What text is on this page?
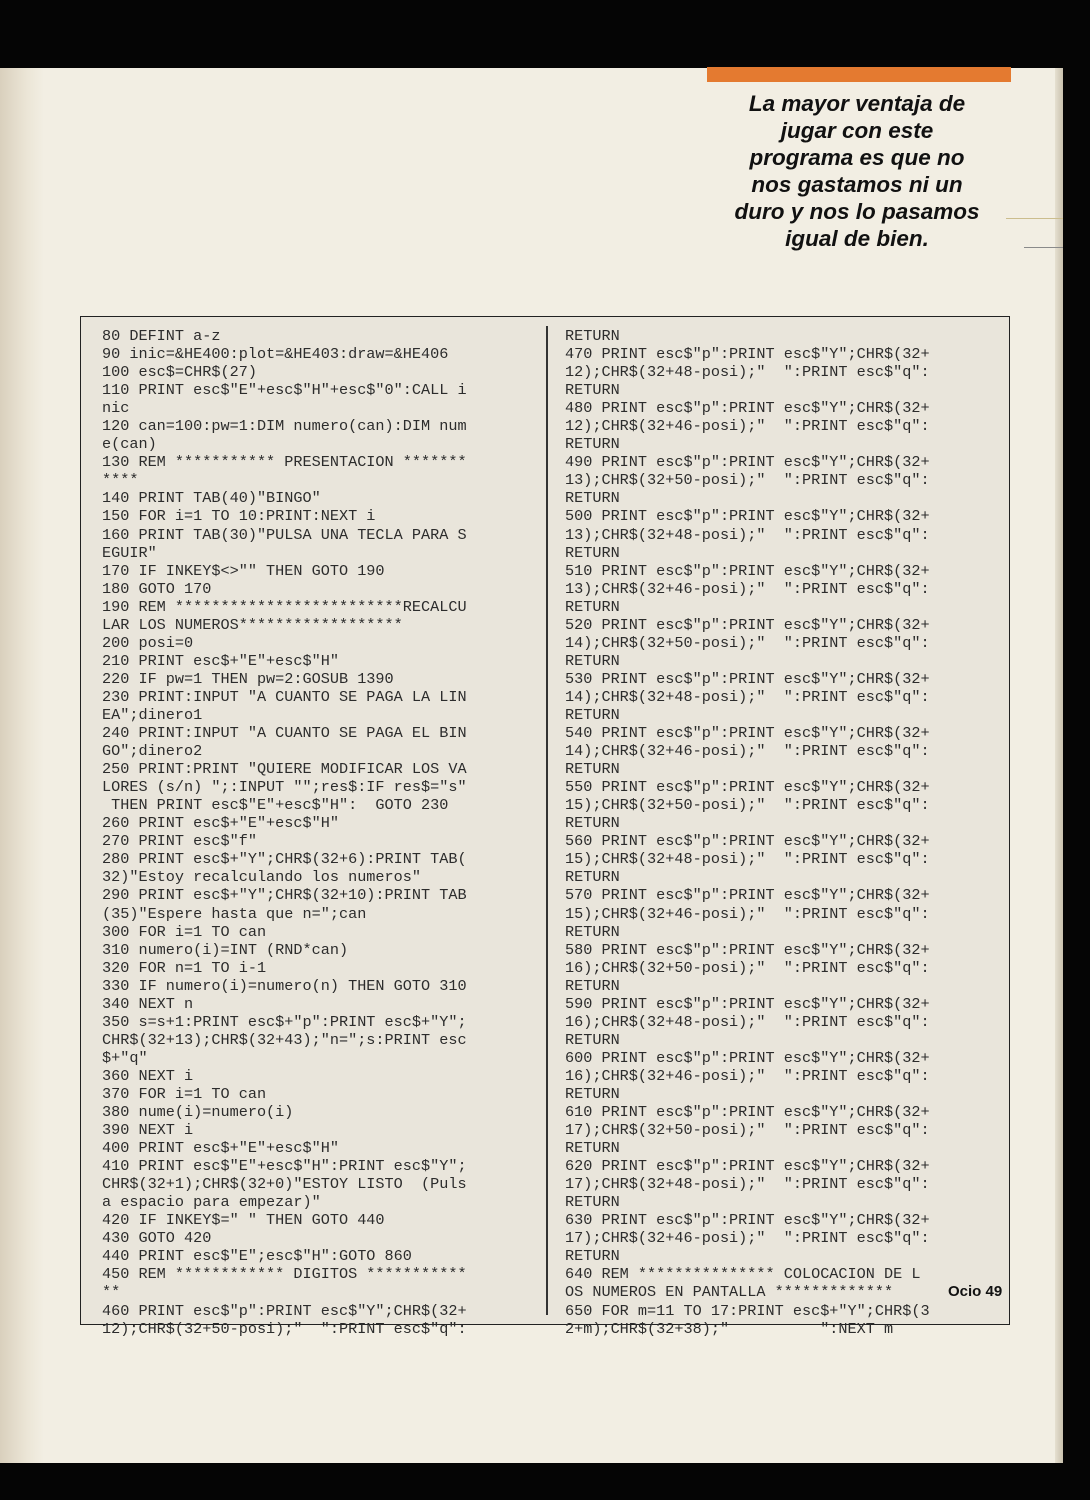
La mayor ventaja de
jugar con este
programa es que no
nos gastamos ni un
duro y nos lo pasamos
igual de bien.
80 DEFINT a-z
90 inic=&HE400:plot=&HE403:draw=&HE406
100 esc$=CHR$(27)
110 PRINT esc$"E"+esc$"H"+esc$"0":CALL i
nic
120 can=100:pw=1:DIM numero(can):DIM num
e(can)
130 REM *********** PRESENTACION *******
****
140 PRINT TAB(40)"BINGO"
150 FOR i=1 TO 10:PRINT:NEXT i
160 PRINT TAB(30)"PULSA UNA TECLA PARA S
EGUIR"
170 IF INKEY$<>"" THEN GOTO 190
180 GOTO 170
190 REM *************************RECALCU
LAR LOS NUMEROS******************
200 posi=0
210 PRINT esc$+"E"+esc$"H"
220 IF pw=1 THEN pw=2:GOSUB 1390
230 PRINT:INPUT "A CUANTO SE PAGA LA LIN
EA";dinero1
240 PRINT:INPUT "A CUANTO SE PAGA EL BIN
GO";dinero2
250 PRINT:PRINT "QUIERE MODIFICAR LOS VA
LORES (s/n) ";:INPUT "";res$:IF res$="s"
THEN PRINT esc$"E"+esc$"H":  GOTO 230
260 PRINT esc$+"E"+esc$"H"
270 PRINT esc$"f"
280 PRINT esc$+"Y";CHR$(32+6):PRINT TAB(
32)"Estoy recalculando los numeros"
290 PRINT esc$+"Y";CHR$(32+10):PRINT TAB
(35)"Espere hasta que n=";can
300 FOR i=1 TO can
310 numero(i)=INT (RND*can)
320 FOR n=1 TO i-1
330 IF numero(i)=numero(n) THEN GOTO 310
340 NEXT n
350 s=s+1:PRINT esc$+"p":PRINT esc$+"Y";
CHR$(32+13);CHR$(32+43);"n=";s:PRINT esc
$+"q"
360 NEXT i
370 FOR i=1 TO can
380 nume(i)=numero(i)
390 NEXT i
400 PRINT esc$+"E"+esc$"H"
410 PRINT esc$"E"+esc$"H":PRINT esc$"Y";
CHR$(32+1);CHR$(32+0)"ESTOY LISTO  (Puls
a espacio para empezar)"
420 IF INKEY$=" " THEN GOTO 440
430 GOTO 420
440 PRINT esc$"E";esc$"H":GOTO 860
450 REM ************ DIGITOS ***********
**
460 PRINT esc$"p":PRINT esc$"Y";CHR$(32+
12);CHR$(32+50-posi);"  ":PRINT esc$"q":
RETURN
470 PRINT esc$"p":PRINT esc$"Y";CHR$(32+
12);CHR$(32+48-posi);"  ":PRINT esc$"q":
RETURN
480 PRINT esc$"p":PRINT esc$"Y";CHR$(32+
12);CHR$(32+46-posi);"  ":PRINT esc$"q":
RETURN
490 PRINT esc$"p":PRINT esc$"Y";CHR$(32+
13);CHR$(32+50-posi);"  ":PRINT esc$"q":
RETURN
500 PRINT esc$"p":PRINT esc$"Y";CHR$(32+
13);CHR$(32+48-posi);"  ":PRINT esc$"q":
RETURN
510 PRINT esc$"p":PRINT esc$"Y";CHR$(32+
13);CHR$(32+46-posi);"  ":PRINT esc$"q":
RETURN
520 PRINT esc$"p":PRINT esc$"Y";CHR$(32+
14);CHR$(32+50-posi);"  ":PRINT esc$"q":
RETURN
530 PRINT esc$"p":PRINT esc$"Y";CHR$(32+
14);CHR$(32+48-posi);"  ":PRINT esc$"q":
RETURN
540 PRINT esc$"p":PRINT esc$"Y";CHR$(32+
14);CHR$(32+46-posi);"  ":PRINT esc$"q":
RETURN
550 PRINT esc$"p":PRINT esc$"Y";CHR$(32+
15);CHR$(32+50-posi);"  ":PRINT esc$"q":
RETURN
560 PRINT esc$"p":PRINT esc$"Y";CHR$(32+
15);CHR$(32+48-posi);"  ":PRINT esc$"q":
RETURN
570 PRINT esc$"p":PRINT esc$"Y";CHR$(32+
15);CHR$(32+46-posi);"  ":PRINT esc$"q":
RETURN
580 PRINT esc$"p":PRINT esc$"Y";CHR$(32+
16);CHR$(32+50-posi);"  ":PRINT esc$"q":
RETURN
590 PRINT esc$"p":PRINT esc$"Y";CHR$(32+
16);CHR$(32+48-posi);"  ":PRINT esc$"q":
RETURN
600 PRINT esc$"p":PRINT esc$"Y";CHR$(32+
16);CHR$(32+46-posi);"  ":PRINT esc$"q":
RETURN
610 PRINT esc$"p":PRINT esc$"Y";CHR$(32+
17);CHR$(32+50-posi);"  ":PRINT esc$"q":
RETURN
620 PRINT esc$"p":PRINT esc$"Y";CHR$(32+
17);CHR$(32+48-posi);"  ":PRINT esc$"q":
RETURN
630 PRINT esc$"p":PRINT esc$"Y";CHR$(32+
17);CHR$(32+46-posi);"  ":PRINT esc$"q":
RETURN
640 REM *************** COLOCACION DE L
OS NUMEROS EN PANTALLA *************
650 FOR m=11 TO 17:PRINT esc$+"Y";CHR$(3
2+m);CHR$(32+38);"          ":NEXT m
Ocio 49
